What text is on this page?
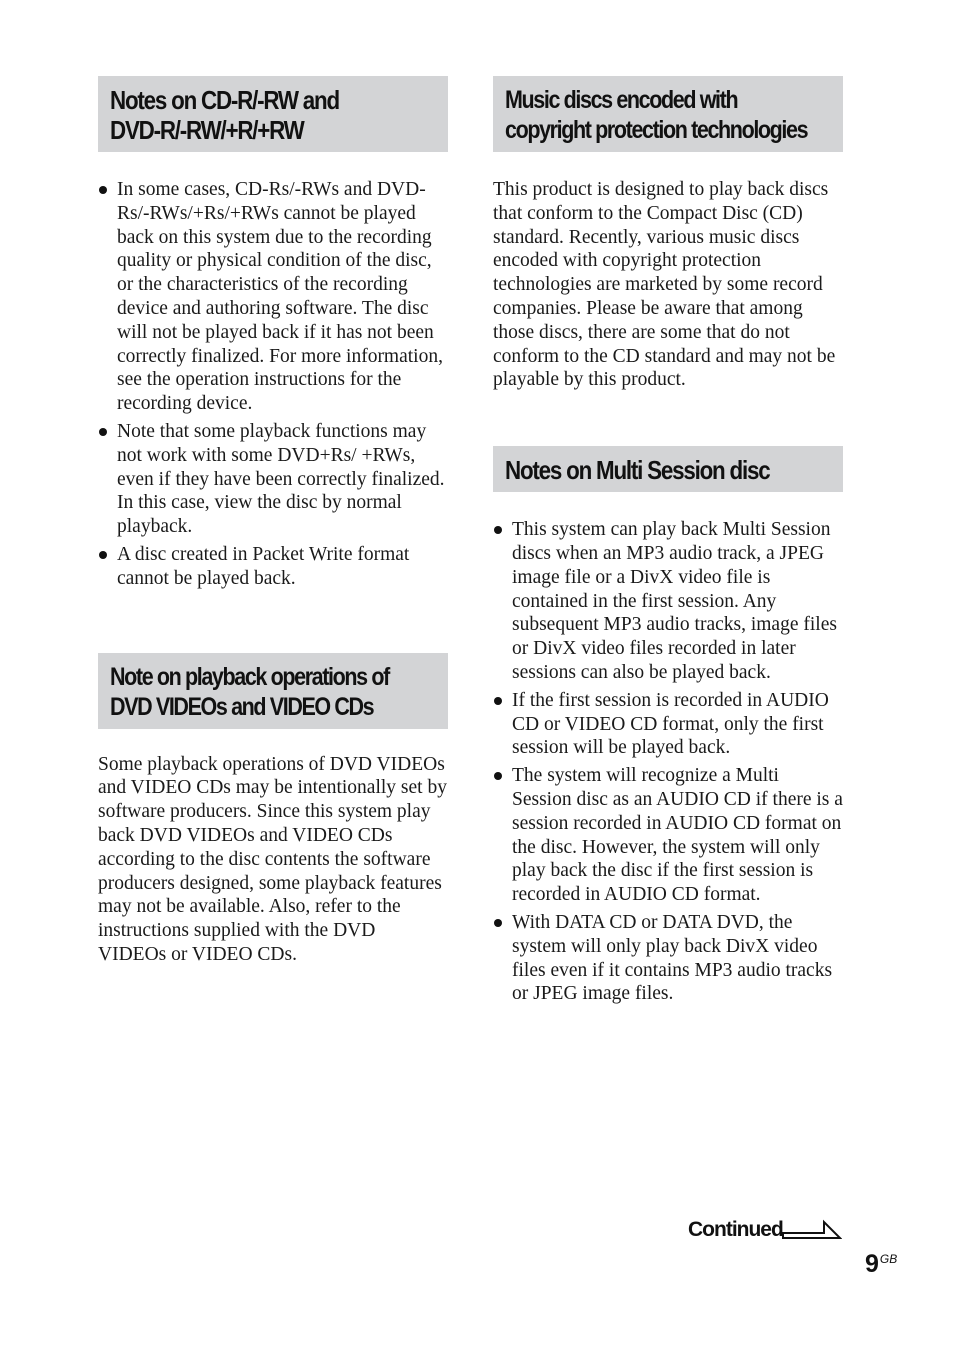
Notes on CD-R/-RW and
DVD-R/-RW/+R/+RW
In some cases, CD-Rs/-RWs and DVD-Rs/-RWs/+Rs/+RWs cannot be played back on this system due to the recording quality or physical condition of the disc, or the characteristics of the recording device and authoring software. The disc will not be played back if it has not been correctly finalized. For more information, see the operation instructions for the recording device.
Note that some playback functions may not work with some DVD+Rs/ +RWs, even if they have been correctly finalized. In this case, view the disc by normal playback.
A disc created in Packet Write format cannot be played back.
Note on playback operations of
DVD VIDEOs and VIDEO CDs

Some playback operations of DVD VIDEOs and VIDEO CDs may be intentionally set by software producers. Since this system play back DVD VIDEOs and VIDEO CDs according to the disc contents the software producers designed, some playback features may not be available. Also, refer to the instructions supplied with the DVD VIDEOs or VIDEO CDs.

Music discs encoded with
copyright protection technologies

This product is designed to play back discs that conform to the Compact Disc (CD) standard. Recently, various music discs encoded with copyright protection technologies are marketed by some record companies. Please be aware that among those discs, there are some that do not conform to the CD standard and may not be playable by this product.

Notes on Multi Session disc
This system can play back Multi Session discs when an MP3 audio track, a JPEG image file or a DivX video file is contained in the first session. Any subsequent MP3 audio tracks, image files or DivX video files recorded in later sessions can also be played back.
If the first session is recorded in AUDIO CD or VIDEO CD format, only the first session will be played back.
The system will recognize a Multi Session disc as an AUDIO CD if there is a session recorded in AUDIO CD format on the disc. However, the system will only play back the disc if the first session is recorded in AUDIO CD format.
With DATA CD or DATA DVD, the system will only play back DivX video files even if it contains MP3 audio tracks or JPEG image files.
Continued
$9^{GB}$
